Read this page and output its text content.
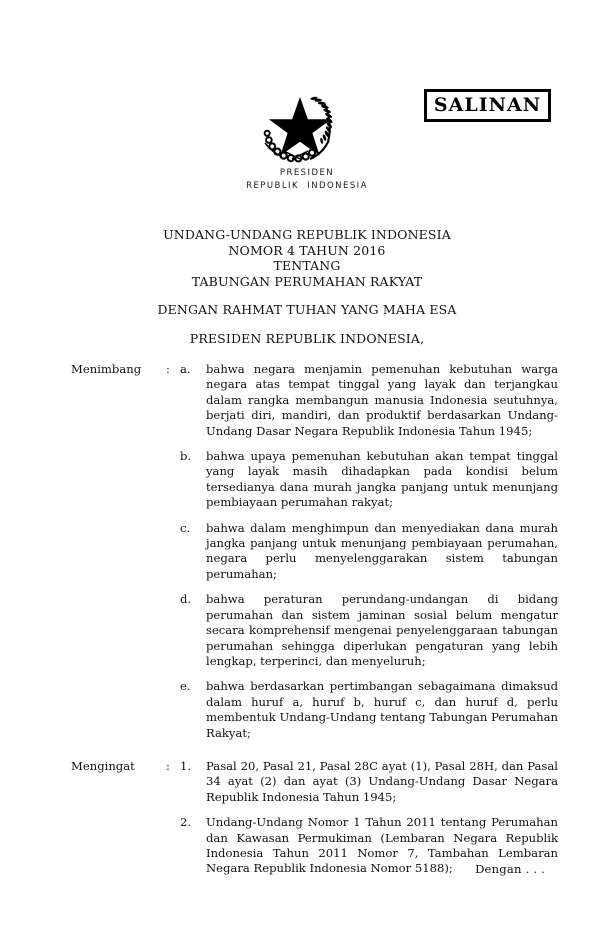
SALINAN
PRESIDEN
REPUBLIK  INDONESIA
UNDANG-UNDANG REPUBLIK INDONESIA
NOMOR 4 TAHUN 2016
TENTANG
TABUNGAN PERUMAHAN RAKYAT
DENGAN RAHMAT TUHAN YANG MAHA ESA
PRESIDEN REPUBLIK INDONESIA,
Menimbang	: a.	bahwa negara menjamin pemenuhan kebutuhan warga negara atas tempat tinggal yang layak dan terjangkau dalam rangka membangun manusia Indonesia seutuhnya, berjati diri, mandiri, dan produktif berdasarkan Undang-Undang Dasar Negara Republik Indonesia Tahun 1945;
b.	bahwa upaya pemenuhan kebutuhan akan tempat tinggal yang layak masih dihadapkan pada kondisi belum tersedianya dana murah jangka panjang untuk menunjang pembiayaan perumahan rakyat;
c.	bahwa dalam menghimpun dan menyediakan dana murah jangka panjang untuk menunjang pembiayaan perumahan, negara perlu menyelenggarakan sistem tabungan perumahan;
d.	bahwa peraturan perundang-undangan di bidang perumahan dan sistem jaminan sosial belum mengatur secara komprehensif mengenai penyelenggaraan tabungan perumahan sehingga diperlukan pengaturan yang lebih lengkap, terperinci, dan menyeluruh;
e.	bahwa berdasarkan pertimbangan sebagaimana dimaksud dalam huruf a, huruf b, huruf c, dan huruf d, perlu membentuk Undang-Undang tentang Tabungan Perumahan Rakyat;
Mengingat	: 1.	Pasal 20, Pasal 21, Pasal 28C ayat (1), Pasal 28H, dan Pasal 34 ayat (2) dan ayat (3) Undang-Undang Dasar Negara Republik Indonesia Tahun 1945;
2.	Undang-Undang Nomor 1 Tahun 2011 tentang Perumahan dan Kawasan Permukiman (Lembaran Negara Republik Indonesia Tahun 2011 Nomor 7, Tambahan Lembaran Negara Republik Indonesia Nomor 5188);	Dengan . . .
